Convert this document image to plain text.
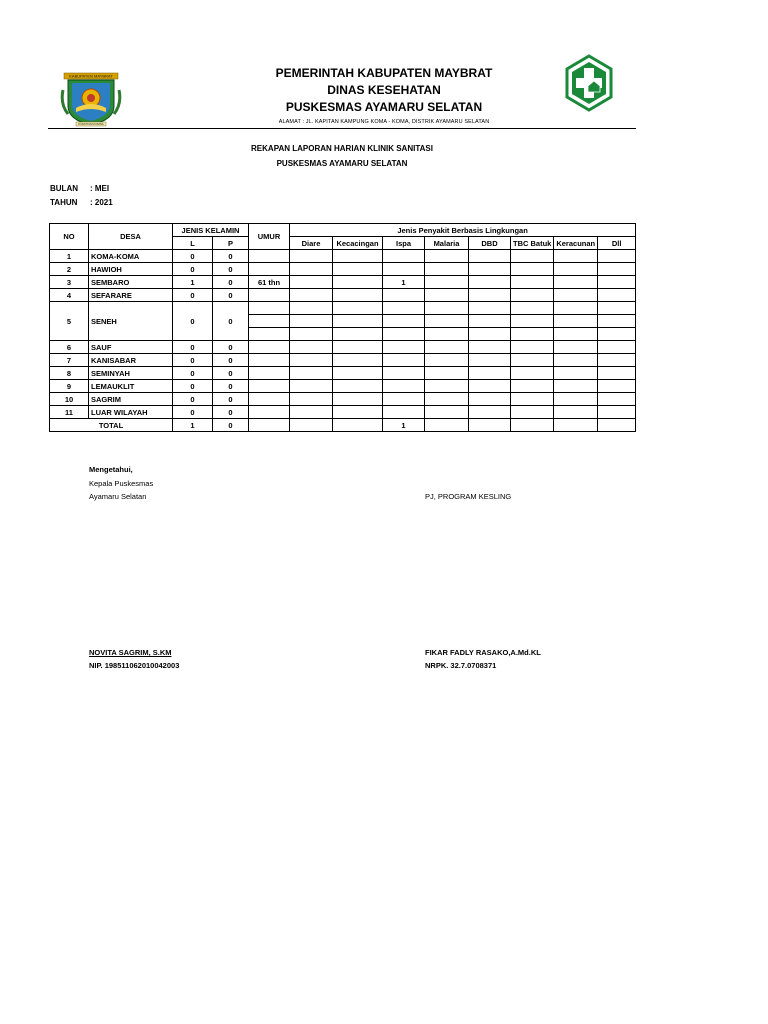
KABUPATEN MAYBRAT
KOM PIUM KOMNA
PEMERINTAH KABUPATEN MAYBRAT
DINAS KESEHATAN
PUSKESMAS AYAMARU SELATAN
ALAMAT : JL. KAPITAN KAMPUNG KOMA - KOMA, DISTRIK AYAMARU SELATAN
REKAPAN LAPORAN HARIAN KLINIK SANITASI
PUSKESMAS AYAMARU SELATAN
BULAN : MEI
TAHUN : 2021
NO	DESA	JENIS KELAMIN		UMUR	Jenis Penyakit Berbasis Lingkungan							
		L	P		Diare	Kecacingan	Ispa	Malaria	DBD	TBC Batuk	Keracunan	Dll
1	KOMA-KOMA	0	0									
2	HAWIOH	0	0									
3	SEMBARO	1	0	61 thn			1					
4	SEFARARE	0	0									
5	SENEH	0	0									

6	SAUF	0	0									
7	KANISABAR	0	0									
8	SEMINYAH	0	0									
9	LEMAUKLIT	0	0									
10	SAGRIM	0	0									
11	LUAR WILAYAH	0	0									
TOTAL		1	0				1					
Mengetahui,
Kepala Puskesmas
Ayamaru Selatan	PJ, PROGRAM KESLING
NOVITA SAGRIM, S.KM
NIP. 198511062010042003
FIKAR FADLY RASAKO,A.Md.KL
NRPK. 32.7.0708371
